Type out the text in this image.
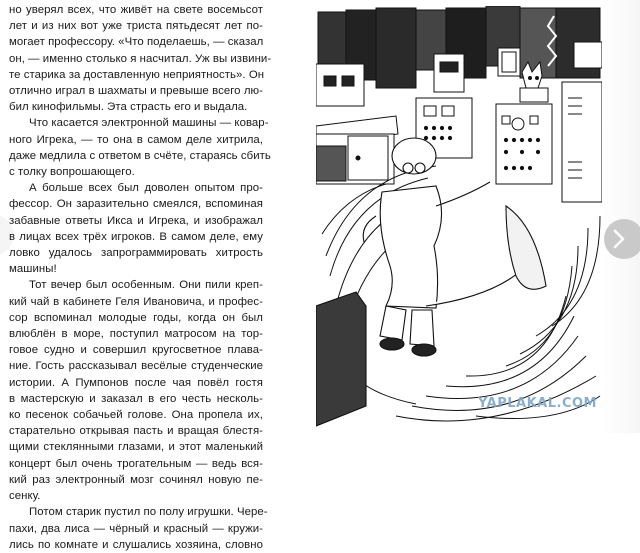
но уверял всех, что живёт на свете восемьсот
лет и из них вот уже триста пятьдесят лет по-
могает профессору. «Что поделаешь, — сказал
он, — именно столько я насчитал. Уж вы извини-
те старика за доставленную неприятность». Он
отлично играл в шахматы и превыше всего лю-
бил кинофильмы. Эта страсть его и выдала.
Что касается электронной машины — ковар-
ного Игрека, — то она в самом деле хитрила,
даже медлила с ответом в счёте, стараясь сбить
с толку вопрошающего.
А больше всех был доволен опытом про-
фессор. Он заразительно смеялся, вспоминая
забавные ответы Икса и Игрека, и изображал
в лицах всех трёх игроков. В самом деле, ему
ловко удалось запрограммировать хитрость
машины!
Тот вечер был особенным. Они пили креп-
кий чай в кабинете Геля Ивановича, и профес-
сор вспоминал молодые годы, когда он был
влюблён в море, поступил матросом на тор-
говое судно и совершил кругосветное плава-
ние. Гость рассказывал весёлые студенческие
истории. А Пумпонов после чая повёл гостя
в мастерскую и заказал в его честь несколь-
ко песенок собачьей голове. Она пропела их,
старательно открывая пасть и вращая блестя-
щими стеклянными глазами, и этот маленький
концерт был очень трогательным — ведь вся-
кий раз электронный мозг сочинял новую пе-
сенку.
Потом старик пустил по полу игрушки. Чере-
пахи, два лиса — чёрный и красный — кружи-
лись по комнате и слушались хозяина, словно
YAPLAKAL.COM
